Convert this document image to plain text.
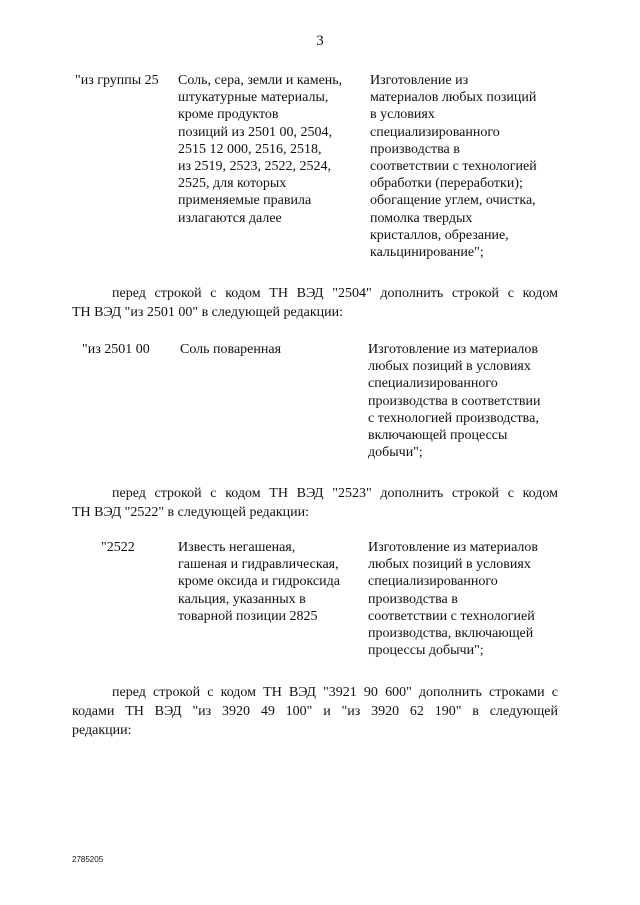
3
"из группы 25 Соль, сера, земли и камень,
штукатурные материалы,
кроме продуктов
позиций из 2501 00, 2504,
2515 12 000, 2516, 2518,
из 2519, 2523, 2522, 2524,
2525, для которых
применяемые правила
излагаются далее
Изготовление из
материалов любых позиций
в условиях
специализированного
производства в
соответствии с технологией
обработки (переработки);
обогащение углем, очистка,
помолка твердых
кристаллов, обрезание,
кальцинирование";
перед строкой с кодом ТН ВЭД "2504" дополнить строкой с кодом
ТН ВЭД "из 2501 00" в следующей редакции:
"из 2501 00 Соль поваренная	Изготовление из материалов
любых позиций в условиях
специализированного
производства в соответствии
с технологией производства,
включающей процессы
добычи";
перед строкой с кодом ТН ВЭД "2523" дополнить строкой с кодом
ТН ВЭД "2522" в следующей редакции:
"2522	Известь негашеная,
гашеная и гидравлическая,
кроме оксида и гидроксида
кальция, указанных в
товарной позиции 2825
Изготовление из материалов
любых позиций в условиях
специализированного
производства в
соответствии с технологией
производства, включающей
процессы добычи";
перед строкой с кодом ТН ВЭД "3921 90 600" дополнить строками с
кодами ТН ВЭД "из 3920 49 100" и "из 3920 62 190" в следующей
редакции:
2785205
